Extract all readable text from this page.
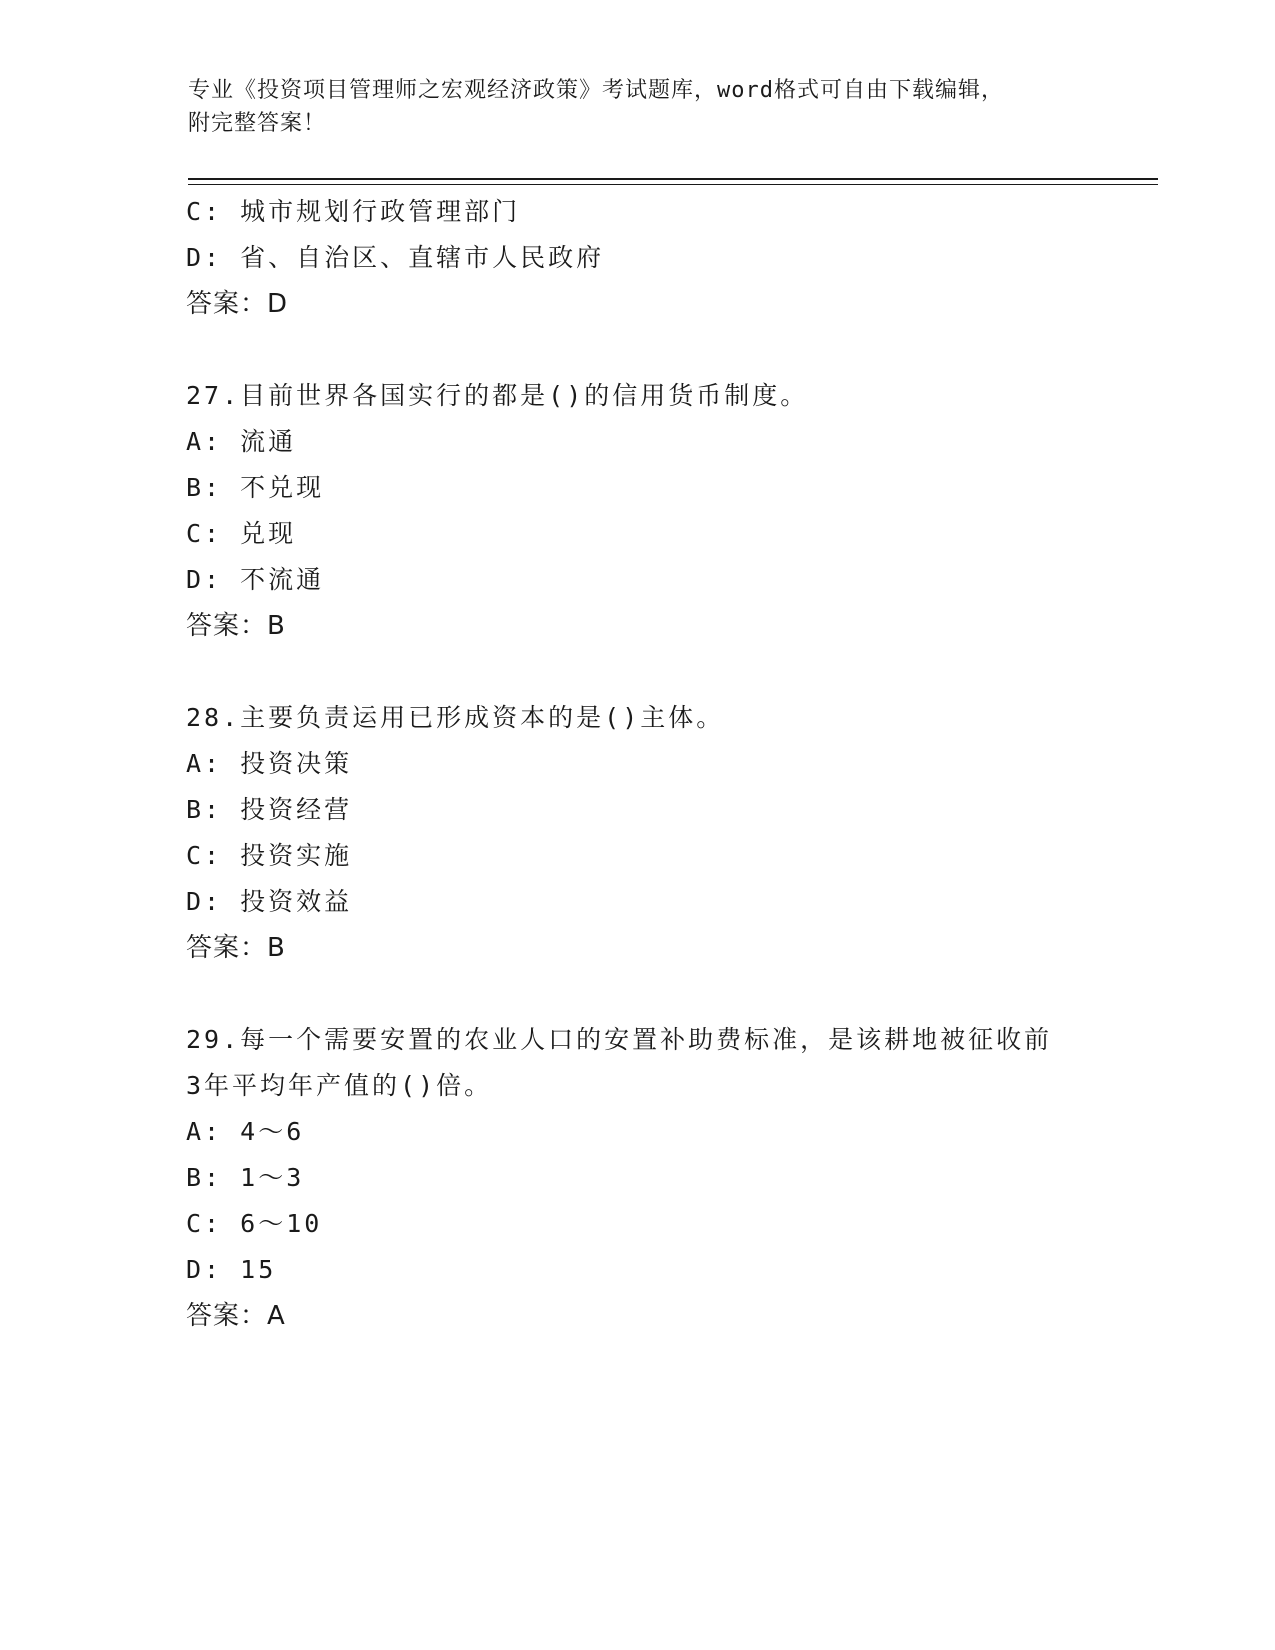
专业《投资项目管理师之宏观经济政策》考试题库，word格式可自由下载编辑，
附完整答案！
C: 城市规划行政管理部门
D: 省、自治区、直辖市人民政府
答案：D
27.目前世界各国实行的都是()的信用货币制度。
A: 流通
B: 不兑现
C: 兑现
D: 不流通
答案：B
28.主要负责运用已形成资本的是()主体。
A: 投资决策
B: 投资经营
C: 投资实施
D: 投资效益
答案：B
29.每一个需要安置的农业人口的安置补助费标准，是该耕地被征收前
3年平均年产值的()倍。
A: 4～6
B: 1～3
C: 6～10
D: 15
答案：A
